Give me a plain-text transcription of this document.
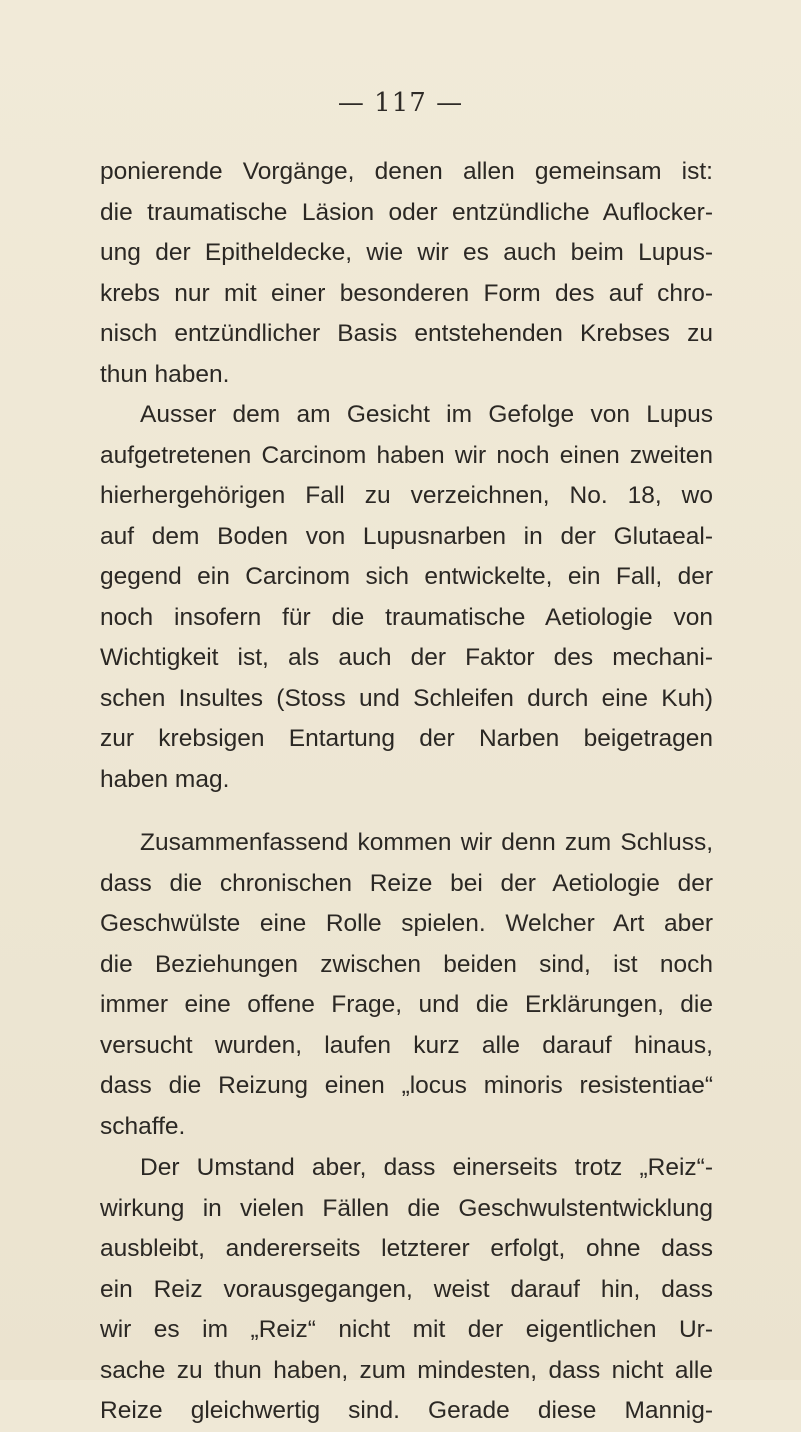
— 117 —
ponierende Vorgänge, denen allen gemeinsam ist:
die traumatische Läsion oder entzündliche Auflocker-
ung der Epitheldecke, wie wir es auch beim Lupus-
krebs nur mit einer besonderen Form des auf chro-
nisch entzündlicher Basis entstehenden Krebses zu
thun haben.
Ausser dem am Gesicht im Gefolge von Lupus
aufgetretenen Carcinom haben wir noch einen zweiten
hierhergehörigen Fall zu verzeichnen, No. 18, wo
auf dem Boden von Lupusnarben in der Glutaeal-
gegend ein Carcinom sich entwickelte, ein Fall, der
noch insofern für die traumatische Aetiologie von
Wichtigkeit ist, als auch der Faktor des mechani-
schen Insultes (Stoss und Schleifen durch eine Kuh)
zur krebsigen Entartung der Narben beigetragen
haben mag.
Zusammenfassend kommen wir denn zum Schluss,
dass die chronischen Reize bei der Aetiologie der
Geschwülste eine Rolle spielen. Welcher Art aber
die Beziehungen zwischen beiden sind, ist noch
immer eine offene Frage, und die Erklärungen, die
versucht wurden, laufen kurz alle darauf hinaus,
dass die Reizung einen „locus minoris resistentiae“
schaffe.
Der Umstand aber, dass einerseits trotz „Reiz“-
wirkung in vielen Fällen die Geschwulstentwicklung
ausbleibt, andererseits letzterer erfolgt, ohne dass
ein Reiz vorausgegangen, weist darauf hin, dass
wir es im „Reiz“ nicht mit der eigentlichen Ur-
sache zu thun haben, zum mindesten, dass nicht alle
Reize gleichwertig sind. Gerade diese Mannig-
